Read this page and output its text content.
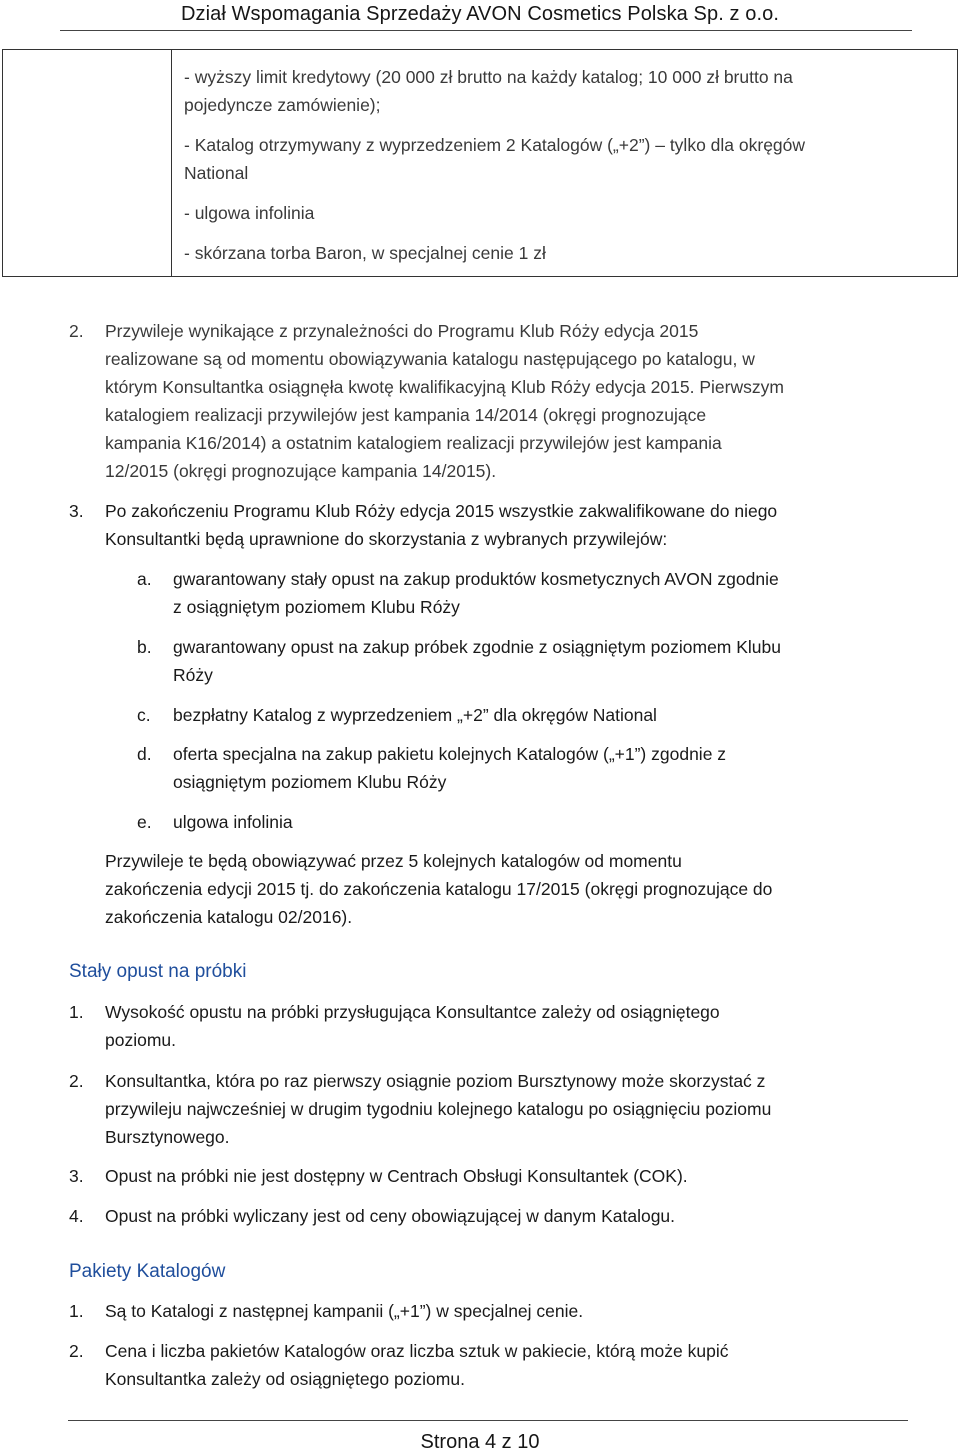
Dział Wspomagania Sprzedaży AVON Cosmetics Polska Sp. z o.o.
- wyższy limit kredytowy (20 000 zł brutto na każdy katalog; 10 000 zł brutto na
pojedyncze zamówienie);
- Katalog otrzymywany z wyprzedzeniem 2 Katalogów („+2”) – tylko dla okręgów
National
- ulgowa infolinia
- skórzana torba Baron, w specjalnej cenie 1 zł
2.	Przywileje wynikające z przynależności do Programu Klub Róży edycja 2015
realizowane są od momentu obowiązywania katalogu następującego po katalogu, w
którym Konsultantka osiągnęła kwotę kwalifikacyjną Klub Róży edycja 2015. Pierwszym
katalogiem realizacji przywilejów jest kampania 14/2014 (okręgi prognozujące
kampania K16/2014) a ostatnim katalogiem realizacji przywilejów jest kampania
12/2015 (okręgi prognozujące kampania 14/2015).
3.	Po zakończeniu Programu Klub Róży edycja 2015 wszystkie zakwalifikowane do niego
Konsultantki będą uprawnione do skorzystania z wybranych przywilejów:
a.	gwarantowany stały opust na zakup produktów kosmetycznych AVON zgodnie
z osiągniętym poziomem Klubu Róży
b.	gwarantowany opust na zakup próbek zgodnie z osiągniętym poziomem Klubu
Róży
c.	bezpłatny Katalog z wyprzedzeniem „+2” dla okręgów National
d.	oferta specjalna na zakup pakietu kolejnych Katalogów („+1”) zgodnie z
osiągniętym poziomem Klubu Róży
e.	ulgowa infolinia
Przywileje te będą obowiązywać przez 5 kolejnych katalogów od momentu
zakończenia edycji 2015 tj. do zakończenia katalogu 17/2015 (okręgi prognozujące do
zakończenia katalogu 02/2016).
Stały opust na próbki
1.	Wysokość opustu na próbki przysługująca Konsultantce zależy od osiągniętego
poziomu.
2.	Konsultantka, która po raz pierwszy osiągnie poziom Bursztynowy może skorzystać z
przywileju najwcześniej w drugim tygodniu kolejnego katalogu po osiągnięciu poziomu
Bursztynowego.
3.	Opust na próbki nie jest dostępny w Centrach Obsługi Konsultantek (COK).
4.	Opust na próbki wyliczany jest od ceny obowiązującej w danym Katalogu.
Pakiety Katalogów
1.	Są to Katalogi z następnej kampanii („+1”) w specjalnej cenie.
2.	Cena i liczba pakietów Katalogów oraz liczba sztuk w pakiecie, którą może kupić
Konsultantka zależy od osiągniętego poziomu.
Strona 4 z 10
